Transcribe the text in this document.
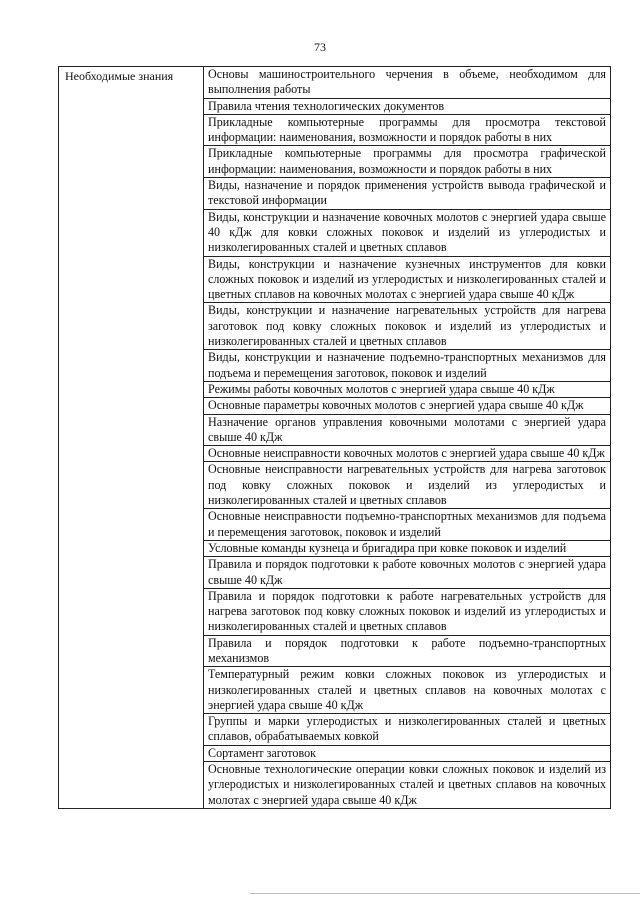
73
Необходимые знания	Основы машиностроительного черчения в объеме, необходимом для выполнения работы
Правила чтения технологических документов
Прикладные компьютерные программы для просмотра текстовой информации: наименования, возможности и порядок работы в них
Прикладные компьютерные программы для просмотра графической информации: наименования, возможности и порядок работы в них
Виды, назначение и порядок применения устройств вывода графической и текстовой информации
Виды, конструкции и назначение ковочных молотов с энергией удара свыше 40 кДж для ковки сложных поковок и изделий из углеродистых и низколегированных сталей и цветных сплавов
Виды, конструкции и назначение кузнечных инструментов для ковки сложных поковок и изделий из углеродистых и низколегированных сталей и цветных сплавов на ковочных молотах с энергией удара свыше 40 кДж
Виды, конструкции и назначение нагревательных устройств для нагрева заготовок под ковку сложных поковок и изделий из углеродистых и низколегированных сталей и цветных сплавов
Виды, конструкции и назначение подъемно-транспортных механизмов для подъема и перемещения заготовок, поковок и изделий
Режимы работы ковочных молотов с энергией удара свыше 40 кДж
Основные параметры ковочных молотов с энергией удара свыше 40 кДж
Назначение органов управления ковочными молотами с энергией удара свыше 40 кДж
Основные неисправности ковочных молотов с энергией удара свыше 40 кДж
Основные неисправности нагревательных устройств для нагрева заготовок под ковку сложных поковок и изделий из углеродистых и низколегированных сталей и цветных сплавов
Основные неисправности подъемно-транспортных механизмов для подъема и перемещения заготовок, поковок и изделий
Условные команды кузнеца и бригадира при ковке поковок и изделий
Правила и порядок подготовки к работе ковочных молотов с энергией удара свыше 40 кДж
Правила и порядок подготовки к работе нагревательных устройств для нагрева заготовок под ковку сложных поковок и изделий из углеродистых и низколегированных сталей и цветных сплавов
Правила и порядок подготовки к работе подъемно-транспортных механизмов
Температурный режим ковки сложных поковок из углеродистых и низколегированных сталей и цветных сплавов на ковочных молотах с энергией удара свыше 40 кДж
Группы и марки углеродистых и низколегированных сталей и цветных сплавов, обрабатываемых ковкой
Сортамент заготовок
Основные технологические операции ковки сложных поковок и изделий из углеродистых и низколегированных сталей и цветных сплавов на ковочных молотах с энергией удара свыше 40 кДж
